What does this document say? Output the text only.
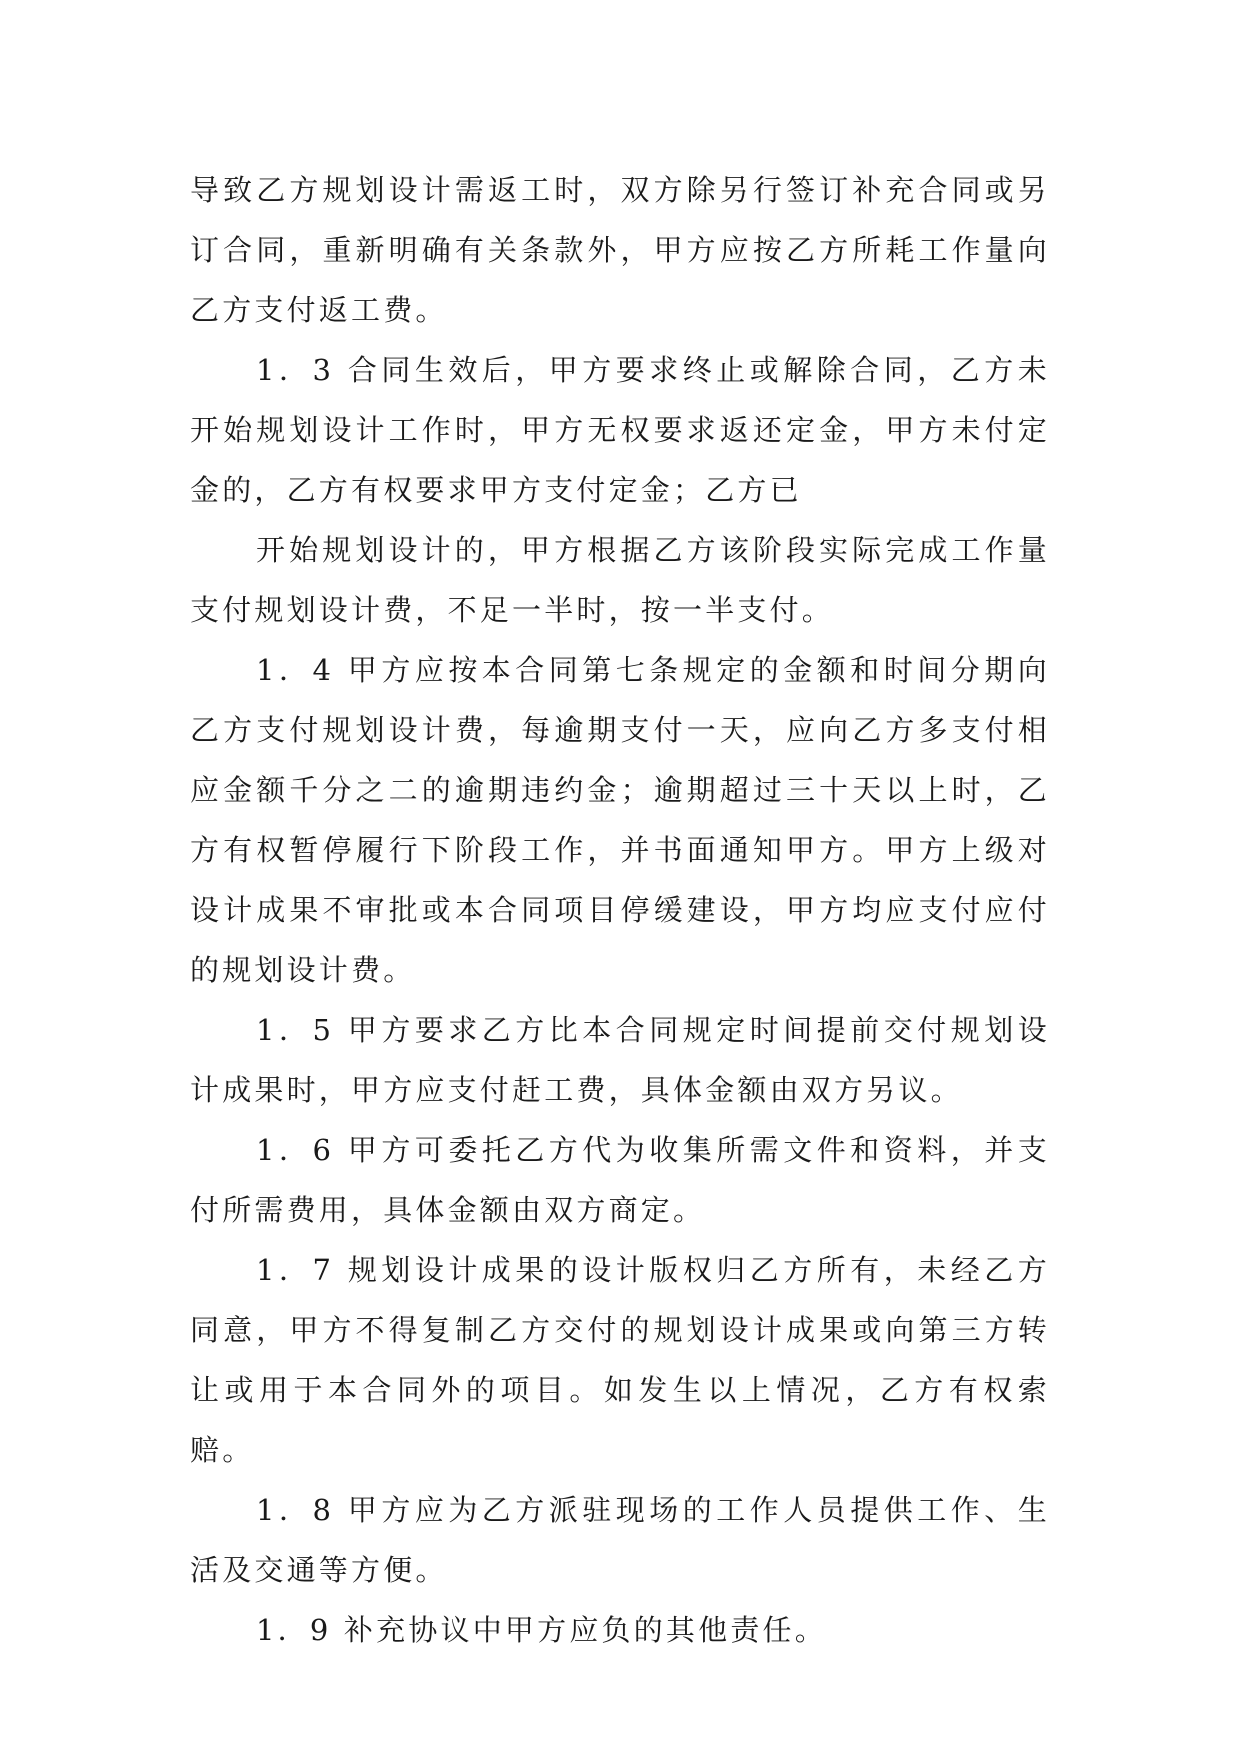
导致乙方规划设计需返工时，双方除另行签订补充合同或另订合同，重新明确有关条款外，甲方应按乙方所耗工作量向乙方支付返工费。

1．3 合同生效后，甲方要求终止或解除合同，乙方未开始规划设计工作时，甲方无权要求返还定金，甲方未付定金的，乙方有权要求甲方支付定金；乙方已

开始规划设计的，甲方根据乙方该阶段实际完成工作量支付规划设计费，不足一半时，按一半支付。

1．4 甲方应按本合同第七条规定的金额和时间分期向乙方支付规划设计费，每逾期支付一天，应向乙方多支付相应金额千分之二的逾期违约金；逾期超过三十天以上时，乙方有权暂停履行下阶段工作，并书面通知甲方。甲方上级对设计成果不审批或本合同项目停缓建设，甲方均应支付应付的规划设计费。

1．5 甲方要求乙方比本合同规定时间提前交付规划设计成果时，甲方应支付赶工费，具体金额由双方另议。

1．6 甲方可委托乙方代为收集所需文件和资料，并支付所需费用，具体金额由双方商定。

1．7 规划设计成果的设计版权归乙方所有，未经乙方同意，甲方不得复制乙方交付的规划设计成果或向第三方转让或用于本合同外的项目。如发生以上情况，乙方有权索赔。

1．8 甲方应为乙方派驻现场的工作人员提供工作、生活及交通等方便。

1．9 补充协议中甲方应负的其他责任。
